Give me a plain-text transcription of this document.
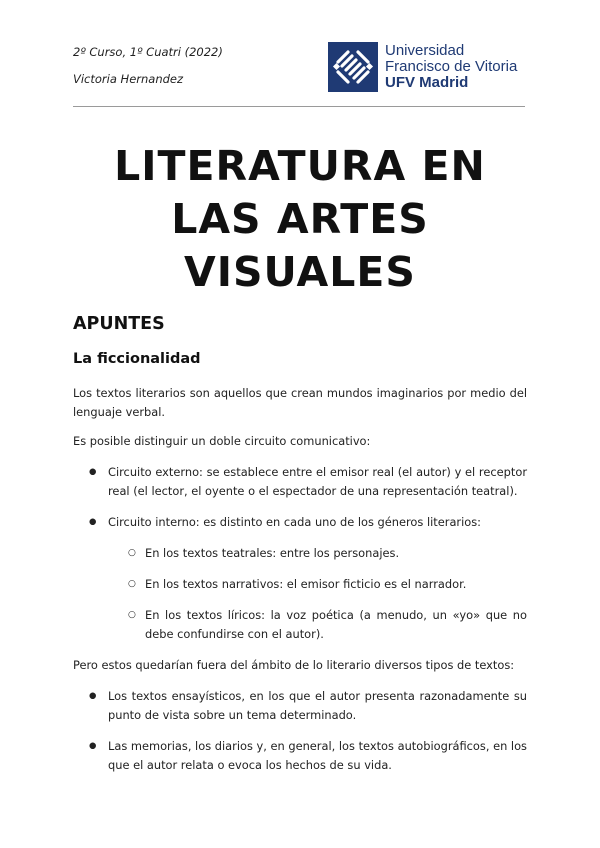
2º Curso, 1º Cuatri (2022)
Victoria Hernandez
Universidad
Francisco de Vitoria
UFV Madrid
LITERATURA EN
LAS ARTES
VISUALES
APUNTES
La ficcionalidad

Los textos literarios son aquellos que crean mundos imaginarios por medio del lenguaje verbal.

Es posible distinguir un doble circuito comunicativo:

● Circuito externo: se establece entre el emisor real (el autor) y el receptor real (el lector, el oyente o el espectador de una representación teatral).
● Circuito interno: es distinto en cada uno de los géneros literarios:
○ En los textos teatrales: entre los personajes.
○ En los textos narrativos: el emisor ficticio es el narrador.
○ En los textos líricos: la voz poética (a menudo, un «yo» que no debe confundirse con el autor).

Pero estos quedarían fuera del ámbito de lo literario diversos tipos de textos:

● Los textos ensayísticos, en los que el autor presenta razonadamente su punto de vista sobre un tema determinado.
● Las memorias, los diarios y, en general, los textos autobiográficos, en los que el autor relata o evoca los hechos de su vida.
